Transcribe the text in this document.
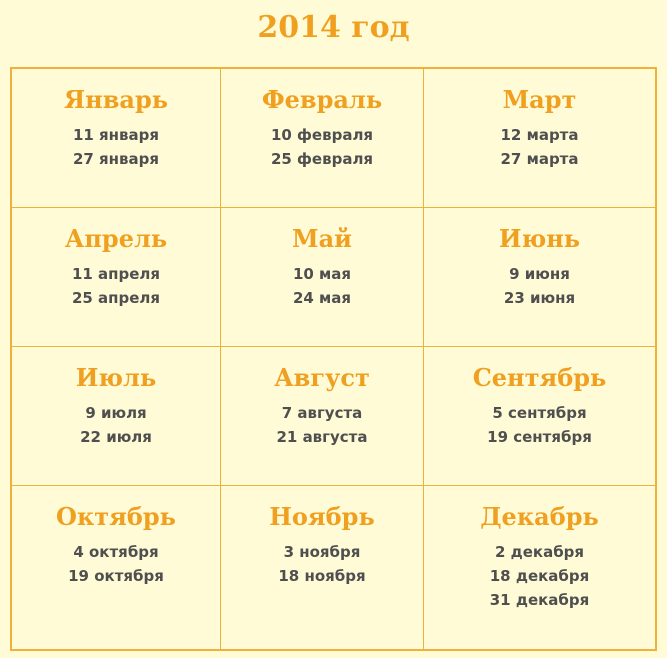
2014 год
Январь
11 января
27 января
Февраль
10 февраля
25 февраля
Март
12 марта
27 марта
Апрель
11 апреля
25 апреля
Май
10 мая
24 мая
Июнь
9 июня
23 июня
Июль
9 июля
22 июля
Август
7 августа
21 августа
Сентябрь
5 сентября
19 сентября
Октябрь
4 октября
19 октября
Ноябрь
3 ноября
18 ноября
Декабрь
2 декабря
18 декабря
31 декабря
